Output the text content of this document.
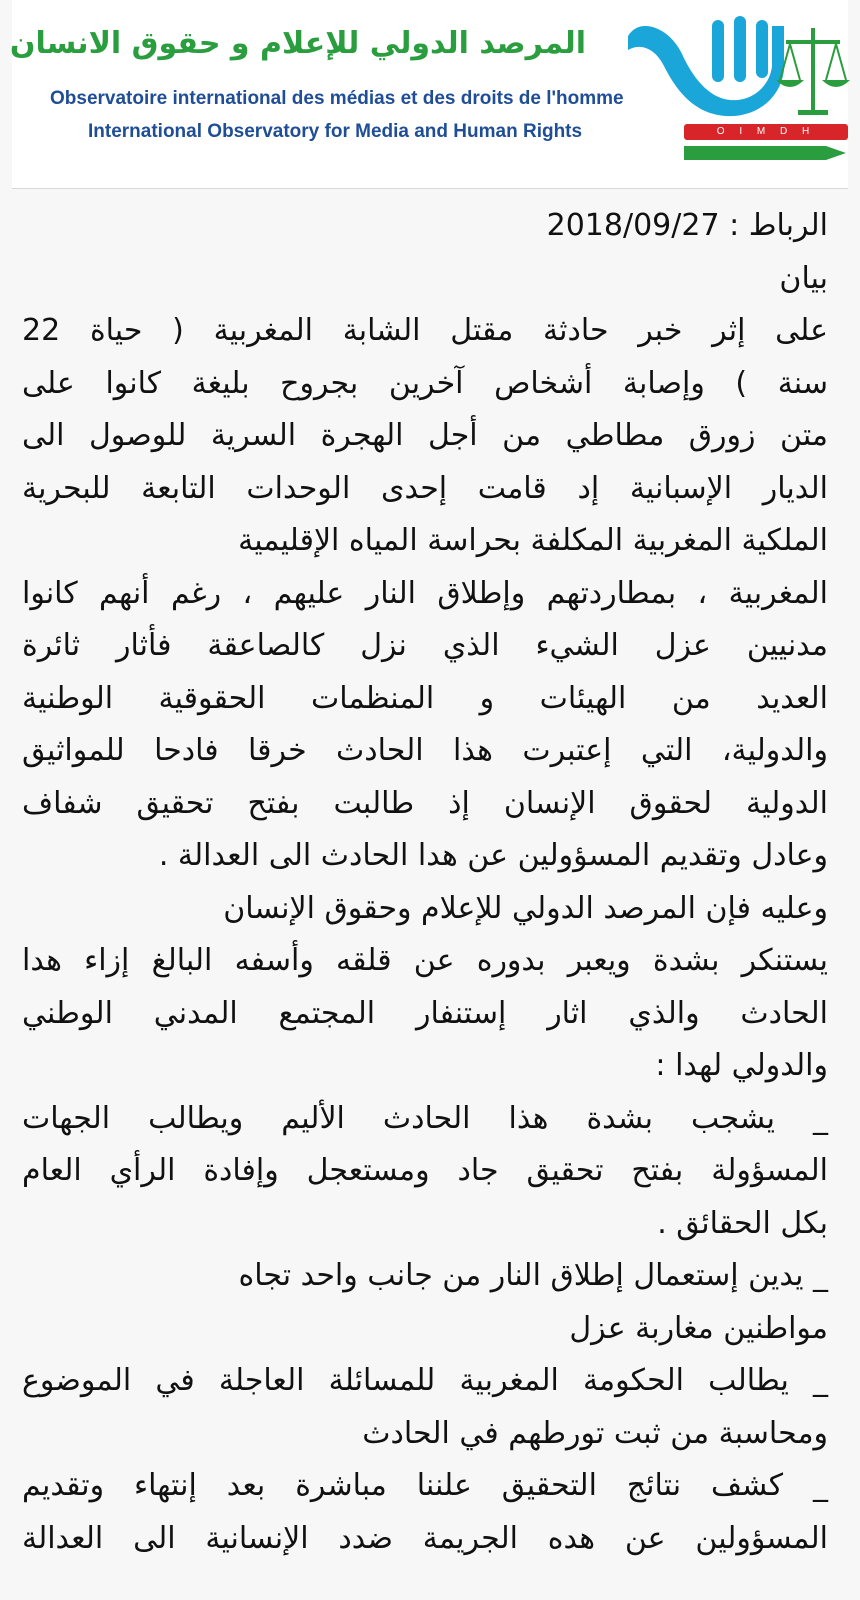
المرصد الدولي للإعلام و حقوق الانسان
Observatoire international des médias et des droits de l'homme
International Observatory for Media and Human Rights	O I M D H
الرباط : 2018/09/27
بيان
على إثر خبر حادثة مقتل الشابة المغربية ( حياة 22
سنة ) وإصابة أشخاص آخرين بجروح بليغة كانوا على
متن زورق مطاطي من أجل الهجرة السرية للوصول الى
الديار الإسبانية إد قامت إحدى الوحدات التابعة للبحرية
الملكية المغربية المكلفة بحراسة المياه الإقليمية
المغربية ، بمطاردتهم وإطلاق النار عليهم ، رغم أنهم كانوا
مدنيين عزل الشيء الذي نزل كالصاعقة فأثار ثائرة
العديد من الهيئات و المنظمات الحقوقية الوطنية
والدولية، التي إعتبرت هذا الحادث خرقا فادحا للمواثيق
الدولية لحقوق الإنسان إذ طالبت بفتح تحقيق شفاف
وعادل وتقديم المسؤولين عن هدا الحادث الى العدالة .
وعليه فإن المرصد الدولي للإعلام وحقوق الإنسان
يستنكر بشدة ويعبر بدوره عن قلقه وأسفه البالغ إزاء هدا
الحادث والذي اثار إستنفار المجتمع المدني الوطني
والدولي لهدا :
_ يشجب بشدة هذا الحادث الأليم ويطالب الجهات
المسؤولة بفتح تحقيق جاد ومستعجل وإفادة الرأي العام
بكل الحقائق .
_ يدين إستعمال إطلاق النار من جانب واحد تجاه
مواطنين مغاربة عزل
_ يطالب الحكومة المغربية للمسائلة العاجلة في الموضوع
ومحاسبة من ثبت تورطهم في الحادث
_ كشف نتائج التحقيق علننا مباشرة بعد إنتهاء وتقديم
المسؤولين عن هده الجريمة ضدد الإنسانية الى العدالة
